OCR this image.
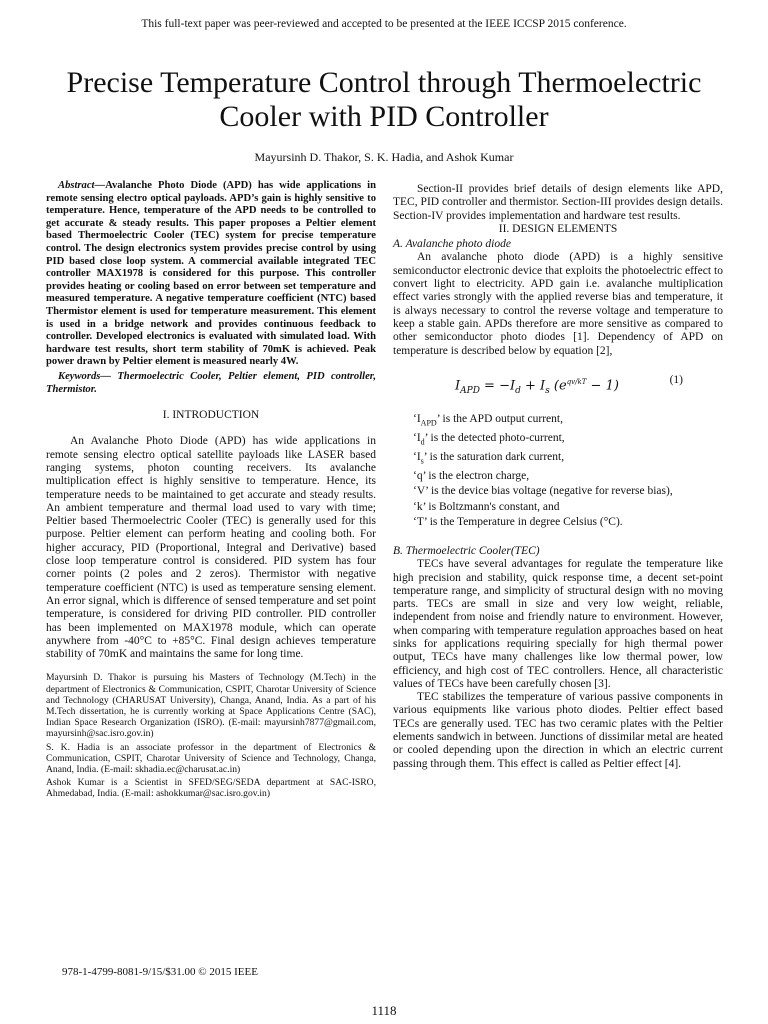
This full-text paper was peer-reviewed and accepted to be presented at the IEEE ICCSP 2015 conference.
Precise Temperature Control through Thermoelectric Cooler with PID Controller
Mayursinh D. Thakor, S. K. Hadia, and Ashok Kumar

Abstract—Avalanche Photo Diode (APD) has wide applications in remote sensing electro optical payloads. APD’s gain is highly sensitive to temperature. Hence, temperature of the APD needs to be controlled to get accurate & steady results. This paper proposes a Peltier element based Thermoelectric Cooler (TEC) system for precise temperature control. The design electronics system provides precise control by using PID based close loop system. A commercial available integrated TEC controller MAX1978 is considered for this purpose. This controller provides heating or cooling based on error between set temperature and measured temperature. A negative temperature coefficient (NTC) based Thermistor element is used for temperature measurement. This element is used in a bridge network and provides continuous feedback to controller. Developed electronics is evaluated with simulated load. With hardware test results, short term stability of 70mK is achieved. Peak power drawn by Peltier element is measured nearly 4W.

Keywords— Thermoelectric Cooler, Peltier element, PID controller, Thermistor.

I. INTRODUCTION

An Avalanche Photo Diode (APD) has wide applications in remote sensing electro optical satellite payloads like LASER based ranging systems, photon counting receivers. Its avalanche multiplication effect is highly sensitive to temperature. Hence, its temperature needs to be maintained to get accurate and steady results. An ambient temperature and thermal load used to vary with time; Peltier based Thermoelectric Cooler (TEC) is generally used for this purpose. Peltier element can perform heating and cooling both. For higher accuracy, PID (Proportional, Integral and Derivative) based close loop temperature control is considered. PID system has four corner points (2 poles and 2 zeros). Thermistor with negative temperature coefficient (NTC) is used as temperature sensing element. An error signal, which is difference of sensed temperature and set point temperature, is considered for driving PID controller. PID controller has been implemented on MAX1978 module, which can operate anywhere from -40°C to +85°C. Final design achieves temperature stability of 70mK and maintains the same for long time.

Mayursinh D. Thakor is pursuing his Masters of Technology (M.Tech) in the department of Electronics & Communication, CSPIT, Charotar University of Science and Technology (CHARUSAT University), Changa, Anand, India. As a part of his M.Tech dissertation, he is currently working at Space Applications Centre (SAC), Indian Space Research Organization (ISRO). (E-mail: mayursinh7877@gmail.com, mayursinh@sac.isro.gov.in)

S. K. Hadia is an associate professor in the department of Electronics & Communication, CSPIT, Charotar University of Science and Technology, Changa, Anand, India. (E-mail: skhadia.ec@charusat.ac.in)

Ashok Kumar is a Scientist in SFED/SEG/SEDA department at SAC-ISRO, Ahmedabad, India. (E-mail: ashokkumar@sac.isro.gov.in)

Section-II provides brief details of design elements like APD, TEC, PID controller and thermistor. Section-III provides design details. Section-IV provides implementation and hardware test results.

II. DESIGN ELEMENTS

A. Avalanche photo diode

An avalanche photo diode (APD) is a highly sensitive semiconductor electronic device that exploits the photoelectric effect to convert light to electricity. APD gain i.e. avalanche multiplication effect varies strongly with the applied reverse bias and temperature, it is always necessary to control the reverse voltage and temperature to keep a stable gain. APDs therefore are more sensitive as compared to other semiconductor photo diodes [1]. Dependency of APD on temperature is described below by equation [2],

$I_{APD} = -I_d + I_s$ $(e^{qv/kT} - 1)$	(1)
‘$I_{APD}$’ is the APD output current,
‘$I_d$’ is the detected photo-current,
‘$I_s$’ is the saturation dark current,
‘q’ is the electron charge,
‘V’ is the device bias voltage (negative for reverse bias),
‘k’ is Boltzmann's constant, and
‘T’ is the Temperature in degree Celsius (°C).

B. Thermoelectric Cooler(TEC)

TECs have several advantages for regulate the temperature like high precision and stability, quick response time, a decent set-point temperature range, and simplicity of structural design with no moving parts. TECs are small in size and very low weight, reliable, independent from noise and friendly nature to environment. However, when comparing with temperature regulation approaches based on heat sinks for applications requiring specially for high thermal power output, TECs have many challenges like low thermal power, low efficiency, and high cost of TEC controllers. Hence, all characteristic values of TECs have been carefully chosen [3].

TEC stabilizes the temperature of various passive components in various equipments like various photo diodes. Peltier effect based TECs are generally used. TEC has two ceramic plates with the Peltier elements sandwich in between. Junctions of dissimilar metal are heated or cooled depending upon the direction in which an electric current passing through them. This effect is called as Peltier effect [4].

978-1-4799-8081-9/15/$31.00 © 2015 IEEE
1118
